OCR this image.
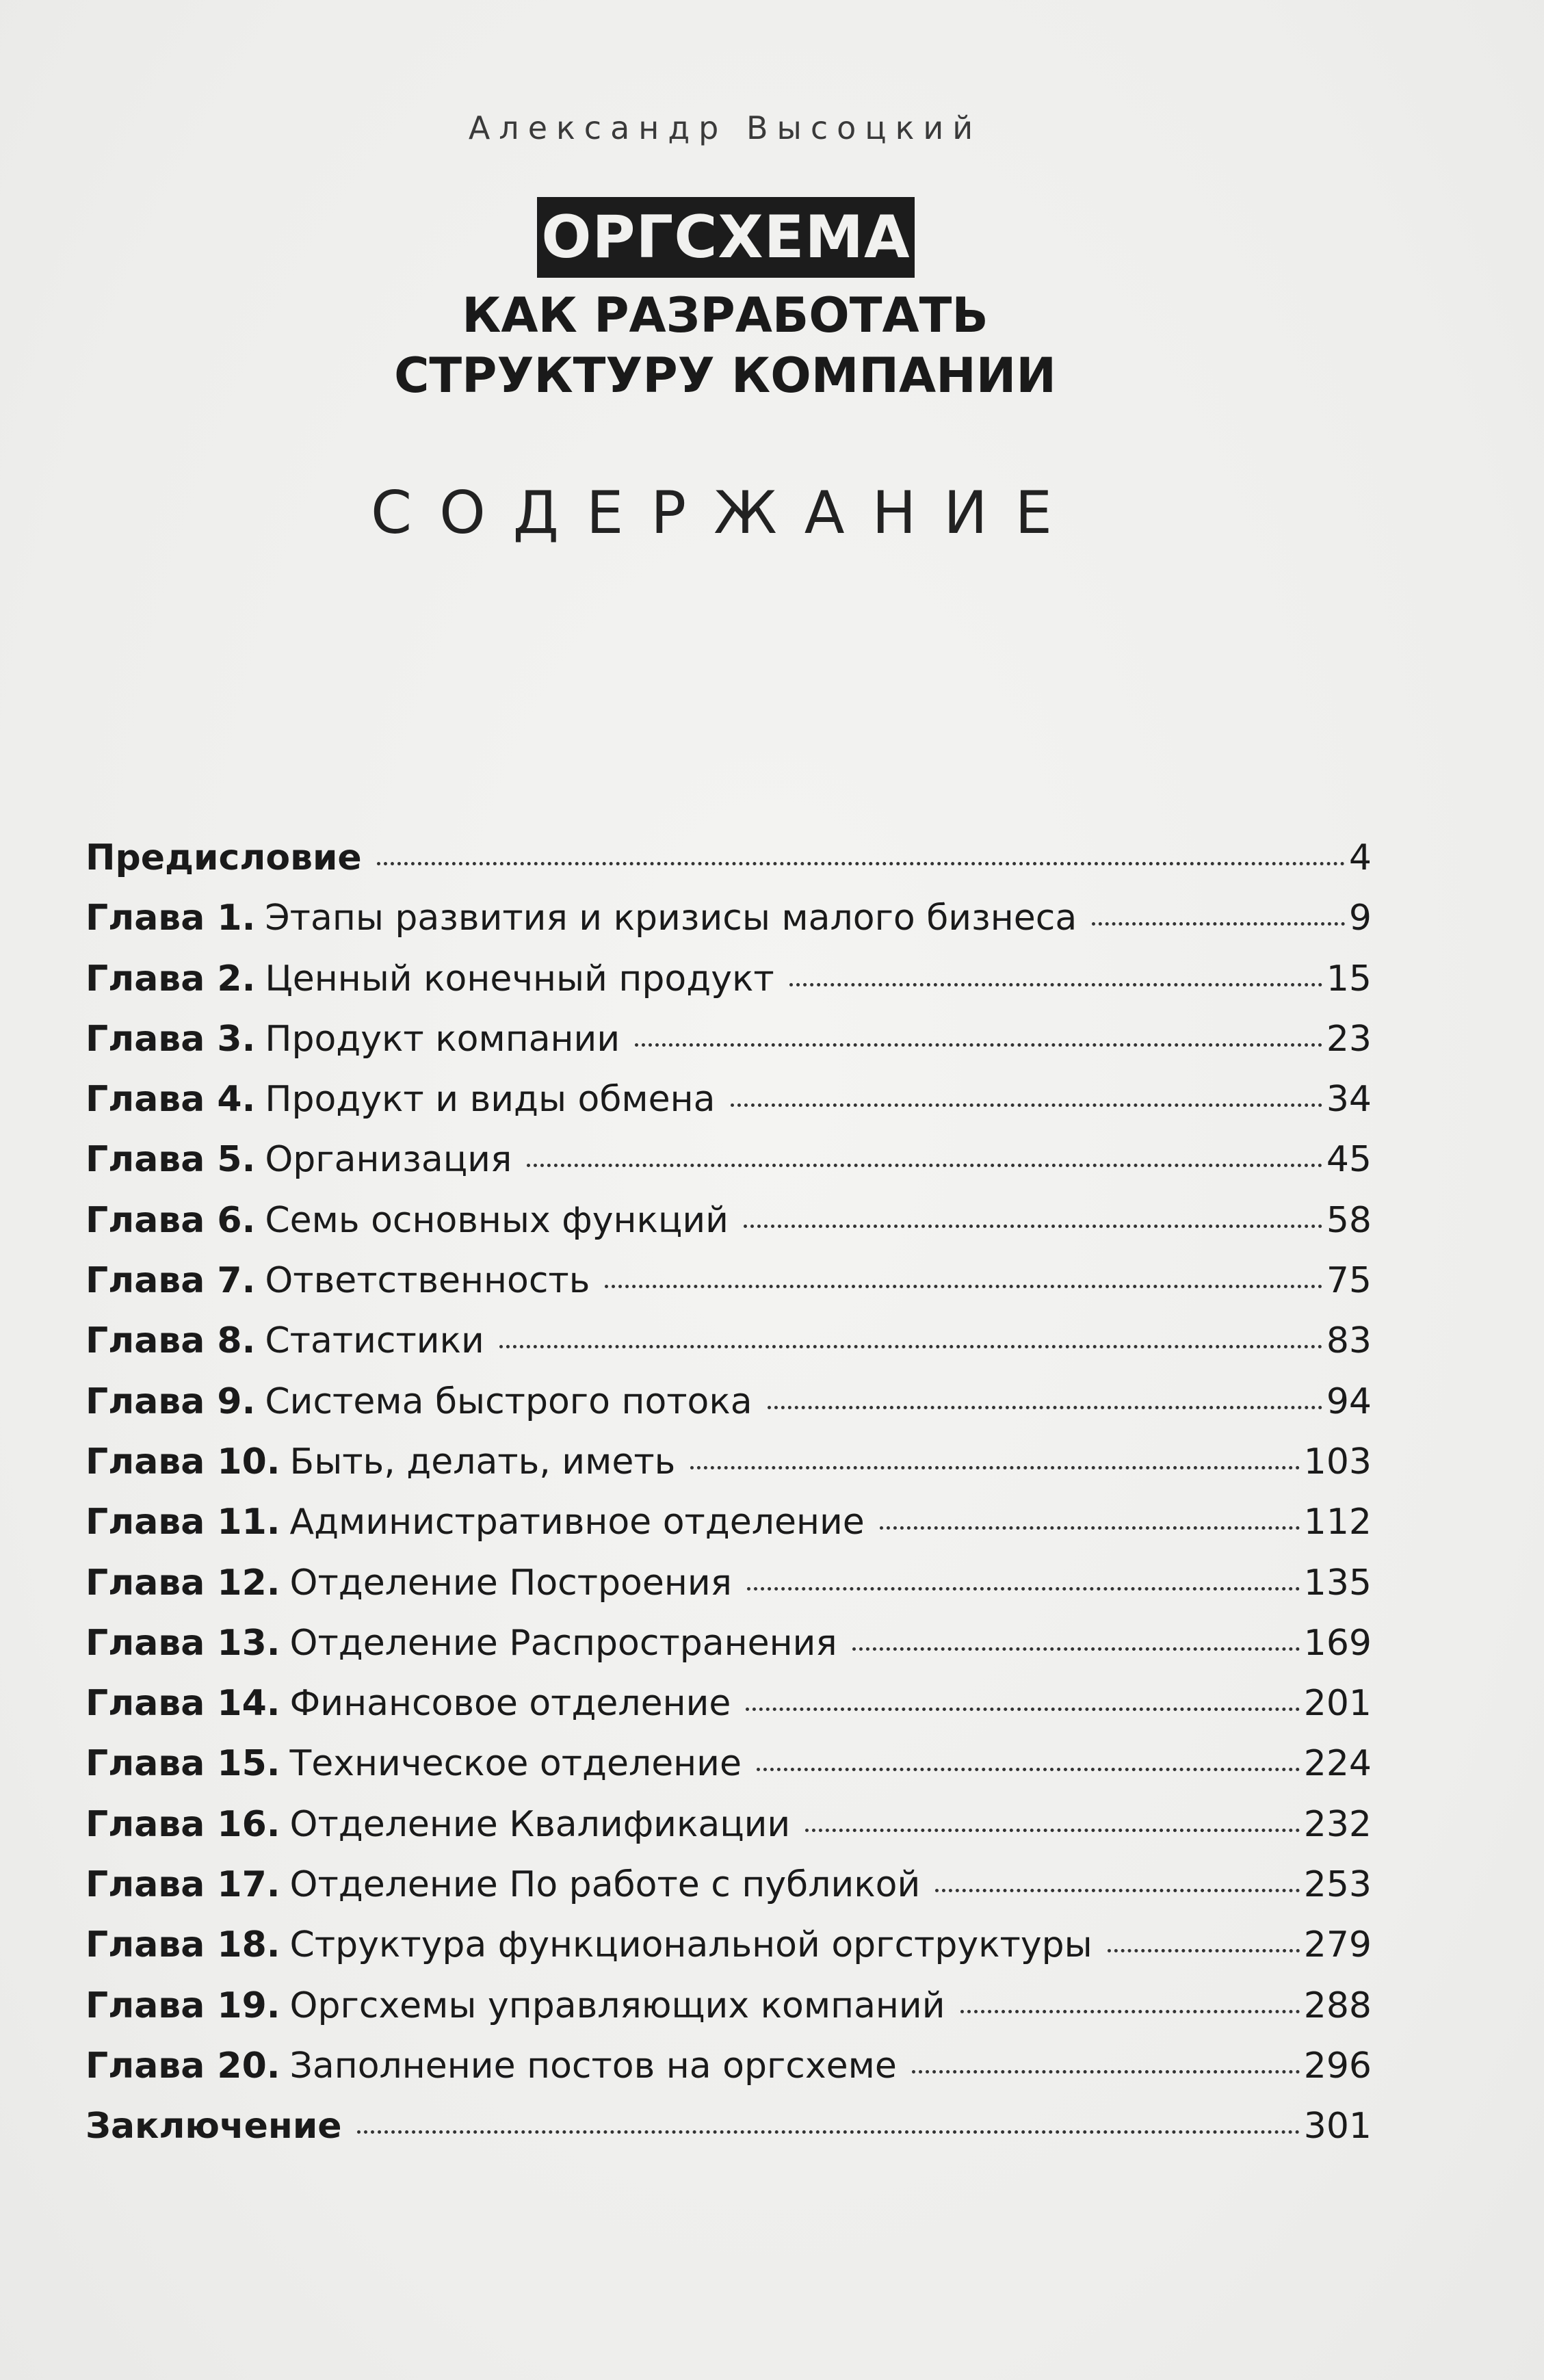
Александр Высоцкий
ОРГСХЕМА
КАК РАЗРАБОТАТЬ
СТРУКТУРУ КОМПАНИИ
СОДЕРЖАНИЕ
Предисловие	4
Глава 1. Этапы развития и кризисы малого бизнеса	9
Глава 2. Ценный конечный продукт	15
Глава 3. Продукт компании	23
Глава 4. Продукт и виды обмена	34
Глава 5. Организация	45
Глава 6. Семь основных функций	58
Глава 7. Ответственность	75
Глава 8. Статистики	83
Глава 9. Система быстрого потока	94
Глава 10. Быть, делать, иметь	103
Глава 11. Административное отделение	112
Глава 12. Отделение Построения	135
Глава 13. Отделение Распространения	169
Глава 14. Финансовое отделение	201
Глава 15. Техническое отделение	224
Глава 16. Отделение Квалификации	232
Глава 17. Отделение По работе с публикой	253
Глава 18. Структура функциональной оргструктуры	279
Глава 19. Оргсхемы управляющих компаний	288
Глава 20. Заполнение постов на оргсхеме	296
Заключение	301
